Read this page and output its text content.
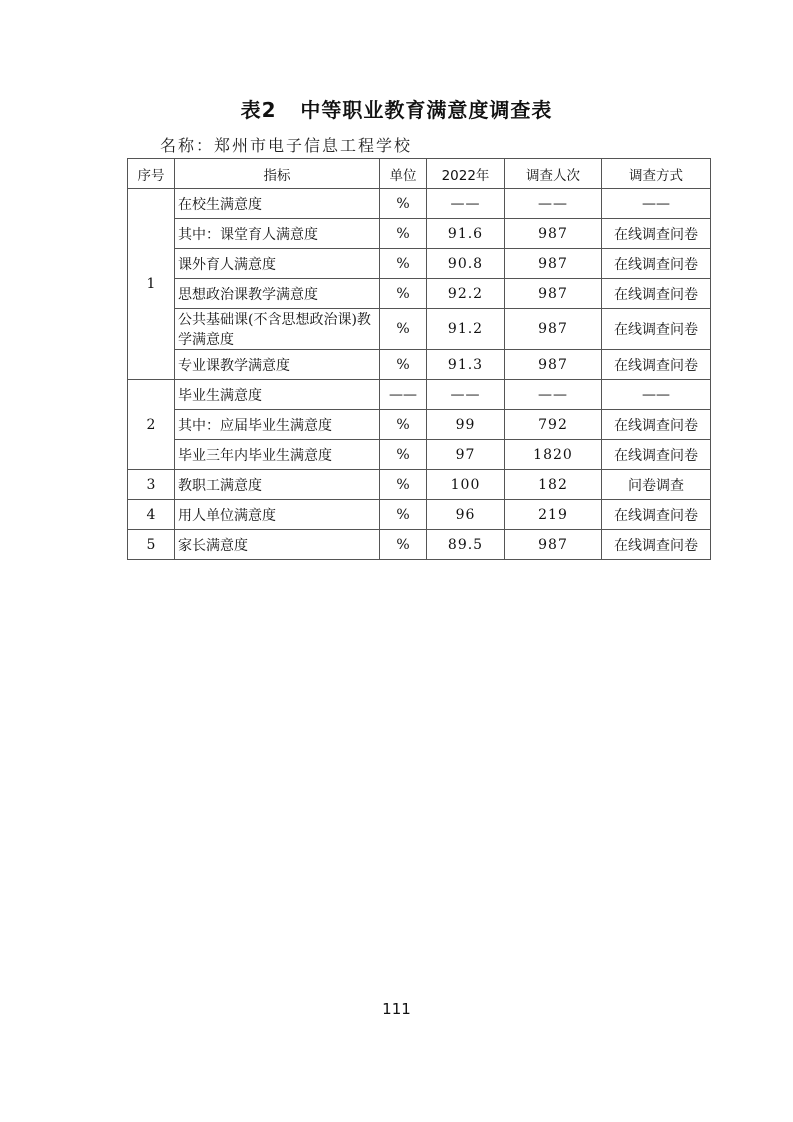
表2   中等职业教育满意度调查表
名称：郑州市电子信息工程学校
序号	指标	单位	2022年	调查人次	调查方式
1	在校生满意度	%	——	——	——
	其中：课堂育人满意度	%	91.6	987	在线调查问卷
	课外育人满意度	%	90.8	987	在线调查问卷
	思想政治课教学满意度	%	92.2	987	在线调查问卷
	公共基础课(不含思想政治课)教学满意度	%	91.2	987	在线调查问卷
	专业课教学满意度	%	91.3	987	在线调查问卷
2	毕业生满意度	——	——	——	——
	其中：应届毕业生满意度	%	99	792	在线调查问卷
	毕业三年内毕业生满意度	%	97	1820	在线调查问卷
3	教职工满意度	%	100	182	问卷调查
4	用人单位满意度	%	96	219	在线调查问卷
5	家长满意度	%	89.5	987	在线调查问卷
111
